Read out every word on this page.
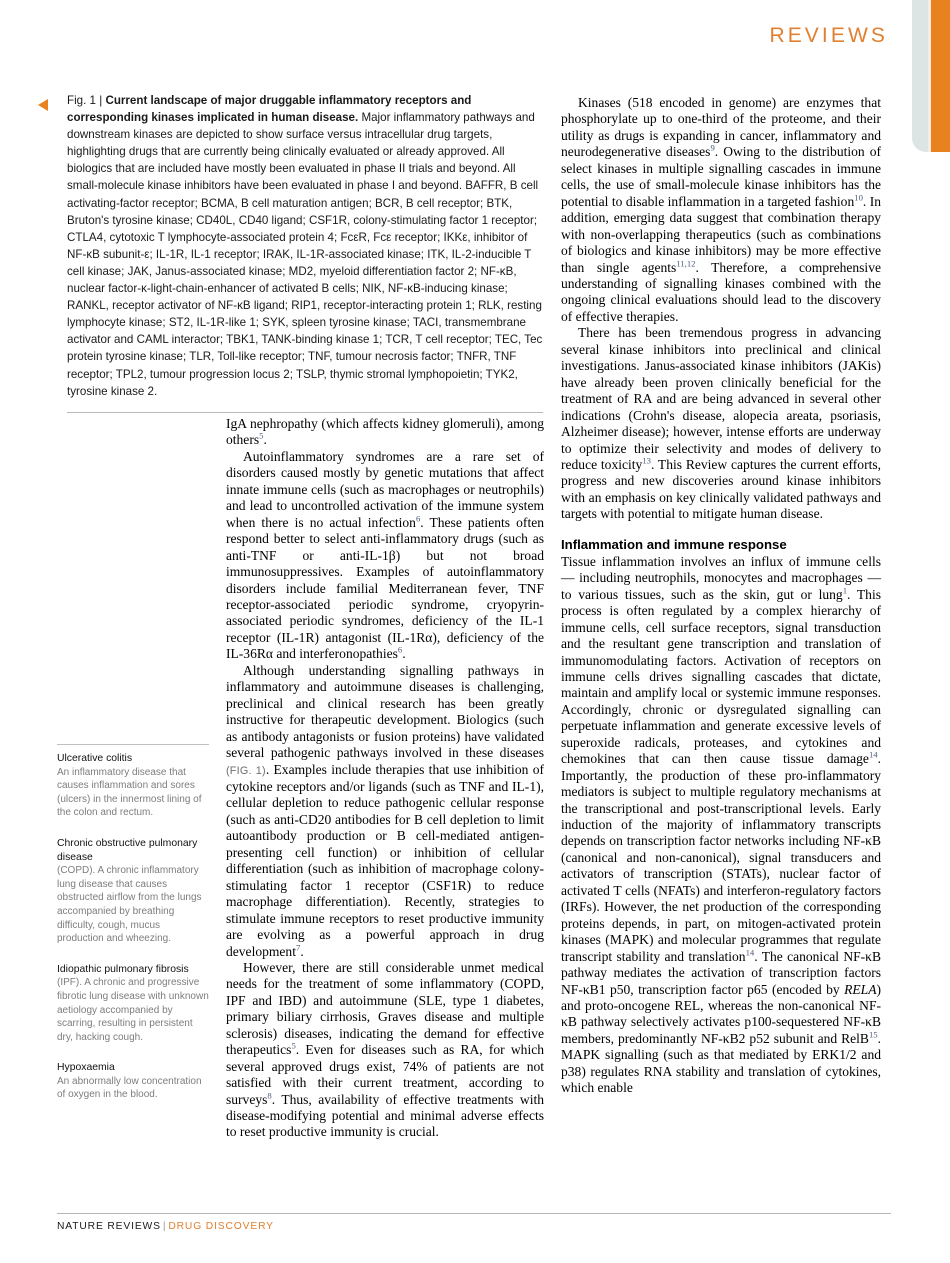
REVIEWS
Fig. 1 | Current landscape of major druggable inflammatory receptors and corresponding kinases implicated in human disease. Major inflammatory pathways and downstream kinases are depicted to show surface versus intracellular drug targets, highlighting drugs that are currently being clinically evaluated or already approved. All biologics that are included have mostly been evaluated in phase II trials and beyond. All small-molecule kinase inhibitors have been evaluated in phase I and beyond. BAFFR, B cell activating-factor receptor; BCMA, B cell maturation antigen; BCR, B cell receptor; BTK, Bruton's tyrosine kinase; CD40L, CD40 ligand; CSF1R, colony-stimulating factor 1 receptor; CTLA4, cytotoxic T lymphocyte-associated protein 4; FcεR, Fcε receptor; IKKε, inhibitor of NF-κB subunit-ε; IL-1R, IL-1 receptor; IRAK, IL-1R-associated kinase; ITK, IL-2-inducible T cell kinase; JAK, Janus-associated kinase; MD2, myeloid differentiation factor 2; NF-κB, nuclear factor-κ-light-chain-enhancer of activated B cells; NIK, NF-κB-inducing kinase; RANKL, receptor activator of NF-κB ligand; RIP1, receptor-interacting protein 1; RLK, resting lymphocyte kinase; ST2, IL-1R-like 1; SYK, spleen tyrosine kinase; TACI, transmembrane activator and CAML interactor; TBK1, TANK-binding kinase 1; TCR, T cell receptor; TEC, Tec protein tyrosine kinase; TLR, Toll-like receptor; TNF, tumour necrosis factor; TNFR, TNF receptor; TPL2, tumour progression locus 2; TSLP, thymic stromal lymphopoietin; TYK2, tyrosine kinase 2.
Ulcerative colitis
An inflammatory disease that causes inflammation and sores (ulcers) in the innermost lining of the colon and rectum.
Chronic obstructive pulmonary disease
(COPD). A chronic inflammatory lung disease that causes obstructed airflow from the lungs accompanied by breathing difficulty, cough, mucus production and wheezing.
Idiopathic pulmonary fibrosis
(IPF). A chronic and progressive fibrotic lung disease with unknown aetiology accompanied by scarring, resulting in persistent dry, hacking cough.
Hypoxaemia
An abnormally low concentration of oxygen in the blood.

IgA nephropathy (which affects kidney glomeruli), among others$^5$.

Autoinflammatory syndromes are a rare set of disorders caused mostly by genetic mutations that affect innate immune cells (such as macrophages or neutrophils) and lead to uncontrolled activation of the immune system when there is no actual infection$^6$. These patients often respond better to select anti-inflammatory drugs (such as anti-TNF or anti-IL-1β) but not broad immunosuppressives. Examples of autoinflammatory disorders include familial Mediterranean fever, TNF receptor-associated periodic syndrome, cryopyrin-associated periodic syndromes, deficiency of the IL-1 receptor (IL-1R) antagonist (IL-1Rα), deficiency of the IL-36Rα and interferonopathies$^6$.

Although understanding signalling pathways in inflammatory and autoimmune diseases is challenging, preclinical and clinical research has been greatly instructive for therapeutic development. Biologics (such as antibody antagonists or fusion proteins) have validated several pathogenic pathways involved in these diseases (FIG. 1). Examples include therapies that use inhibition of cytokine receptors and/or ligands (such as TNF and IL-1), cellular depletion to reduce pathogenic cellular response (such as anti-CD20 antibodies for B cell depletion to limit autoantibody production or B cell-mediated antigen-presenting cell function) or inhibition of cellular differentiation (such as inhibition of macrophage colony-stimulating factor 1 receptor (CSF1R) to reduce macrophage differentiation). Recently, strategies to stimulate immune receptors to reset productive immunity are evolving as a powerful approach in drug development$^7$.

However, there are still considerable unmet medical needs for the treatment of some inflammatory (COPD, IPF and IBD) and autoimmune (SLE, type 1 diabetes, primary biliary cirrhosis, Graves disease and multiple sclerosis) diseases, indicating the demand for effective therapeutics$^5$. Even for diseases such as RA, for which several approved drugs exist, 74% of patients are not satisfied with their current treatment, according to surveys$^8$. Thus, availability of effective treatments with disease-modifying potential and minimal adverse effects to reset productive immunity is crucial.

Kinases (518 encoded in genome) are enzymes that phosphorylate up to one-third of the proteome, and their utility as drugs is expanding in cancer, inflammatory and neurodegenerative diseases$^9$. Owing to the distribution of select kinases in multiple signalling cascades in immune cells, the use of small-molecule kinase inhibitors has the potential to disable inflammation in a targeted fashion$^{10}$. In addition, emerging data suggest that combination therapy with non-overlapping therapeutics (such as combinations of biologics and kinase inhibitors) may be more effective than single agents$^{11,12}$. Therefore, a comprehensive understanding of signalling kinases combined with the ongoing clinical evaluations should lead to the discovery of effective therapies.

There has been tremendous progress in advancing several kinase inhibitors into preclinical and clinical investigations. Janus-associated kinase inhibitors (JAKis) have already been proven clinically beneficial for the treatment of RA and are being advanced in several other indications (Crohn's disease, alopecia areata, psoriasis, Alzheimer disease); however, intense efforts are underway to optimize their selectivity and modes of delivery to reduce toxicity$^{13}$. This Review captures the current efforts, progress and new discoveries around kinase inhibitors with an emphasis on key clinically validated pathways and targets with potential to mitigate human disease.

Inflammation and immune response

Tissue inflammation involves an influx of immune cells — including neutrophils, monocytes and macrophages — to various tissues, such as the skin, gut or lung$^1$. This process is often regulated by a complex hierarchy of immune cells, cell surface receptors, signal transduction and the resultant gene transcription and translation of immunomodulating factors. Activation of receptors on immune cells drives signalling cascades that dictate, maintain and amplify local or systemic immune responses. Accordingly, chronic or dysregulated signalling can perpetuate inflammation and generate excessive levels of superoxide radicals, proteases, and cytokines and chemokines that can then cause tissue damage$^{14}$. Importantly, the production of these pro-inflammatory mediators is subject to multiple regulatory mechanisms at the transcriptional and post-transcriptional levels. Early induction of the majority of inflammatory transcripts depends on transcription factor networks including NF-κB (canonical and non-canonical), signal transducers and activators of transcription (STATs), nuclear factor of activated T cells (NFATs) and interferon-regulatory factors (IRFs). However, the net production of the corresponding proteins depends, in part, on mitogen-activated protein kinases (MAPK) and molecular programmes that regulate transcript stability and translation$^{14}$. The canonical NF-κB pathway mediates the activation of transcription factors NF-κB1 p50, transcription factor p65 (encoded by RELA) and proto-oncogene REL, whereas the non-canonical NF-κB pathway selectively activates p100-sequestered NF-κB members, predominantly NF-κB2 p52 subunit and RelB$^{15}$. MAPK signalling (such as that mediated by ERK1/2 and p38) regulates RNA stability and translation of cytokines, which enable

NATURE REVIEWS | DRUG DISCOVERY
